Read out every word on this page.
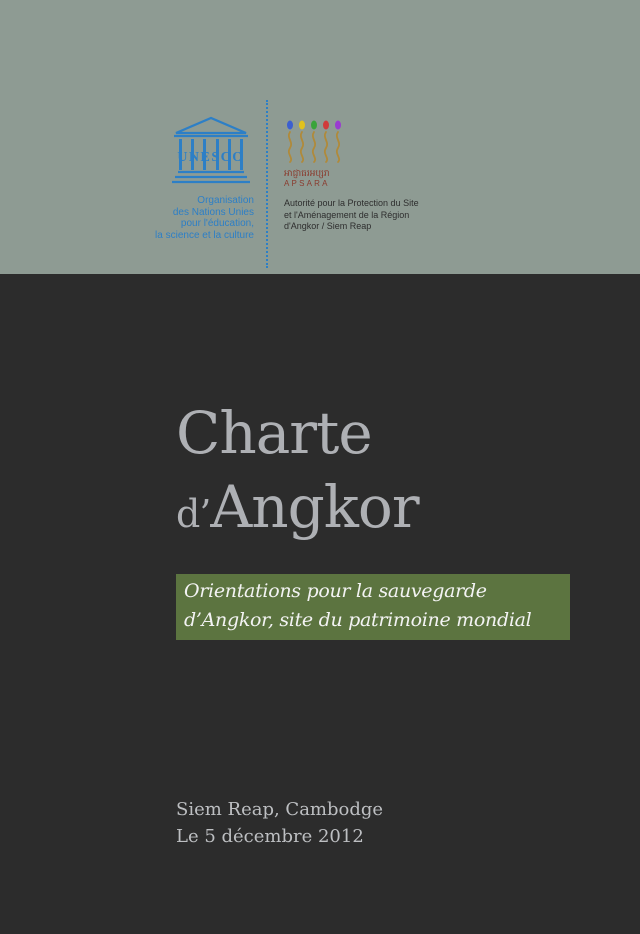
UNESCO
Organisation
des Nations Unies
pour l'éducation,
la science et la culture
អាជ្ញាធរអប្សរា
APSARA
Autorité pour la Protection du Site
et l'Aménagement de la Région
d'Angkor / Siem Reap
Charte
d’Angkor
Orientations pour la sauvegarde
d’Angkor, site du patrimoine mondial
Siem Reap, Cambodge
Le 5 décembre 2012
